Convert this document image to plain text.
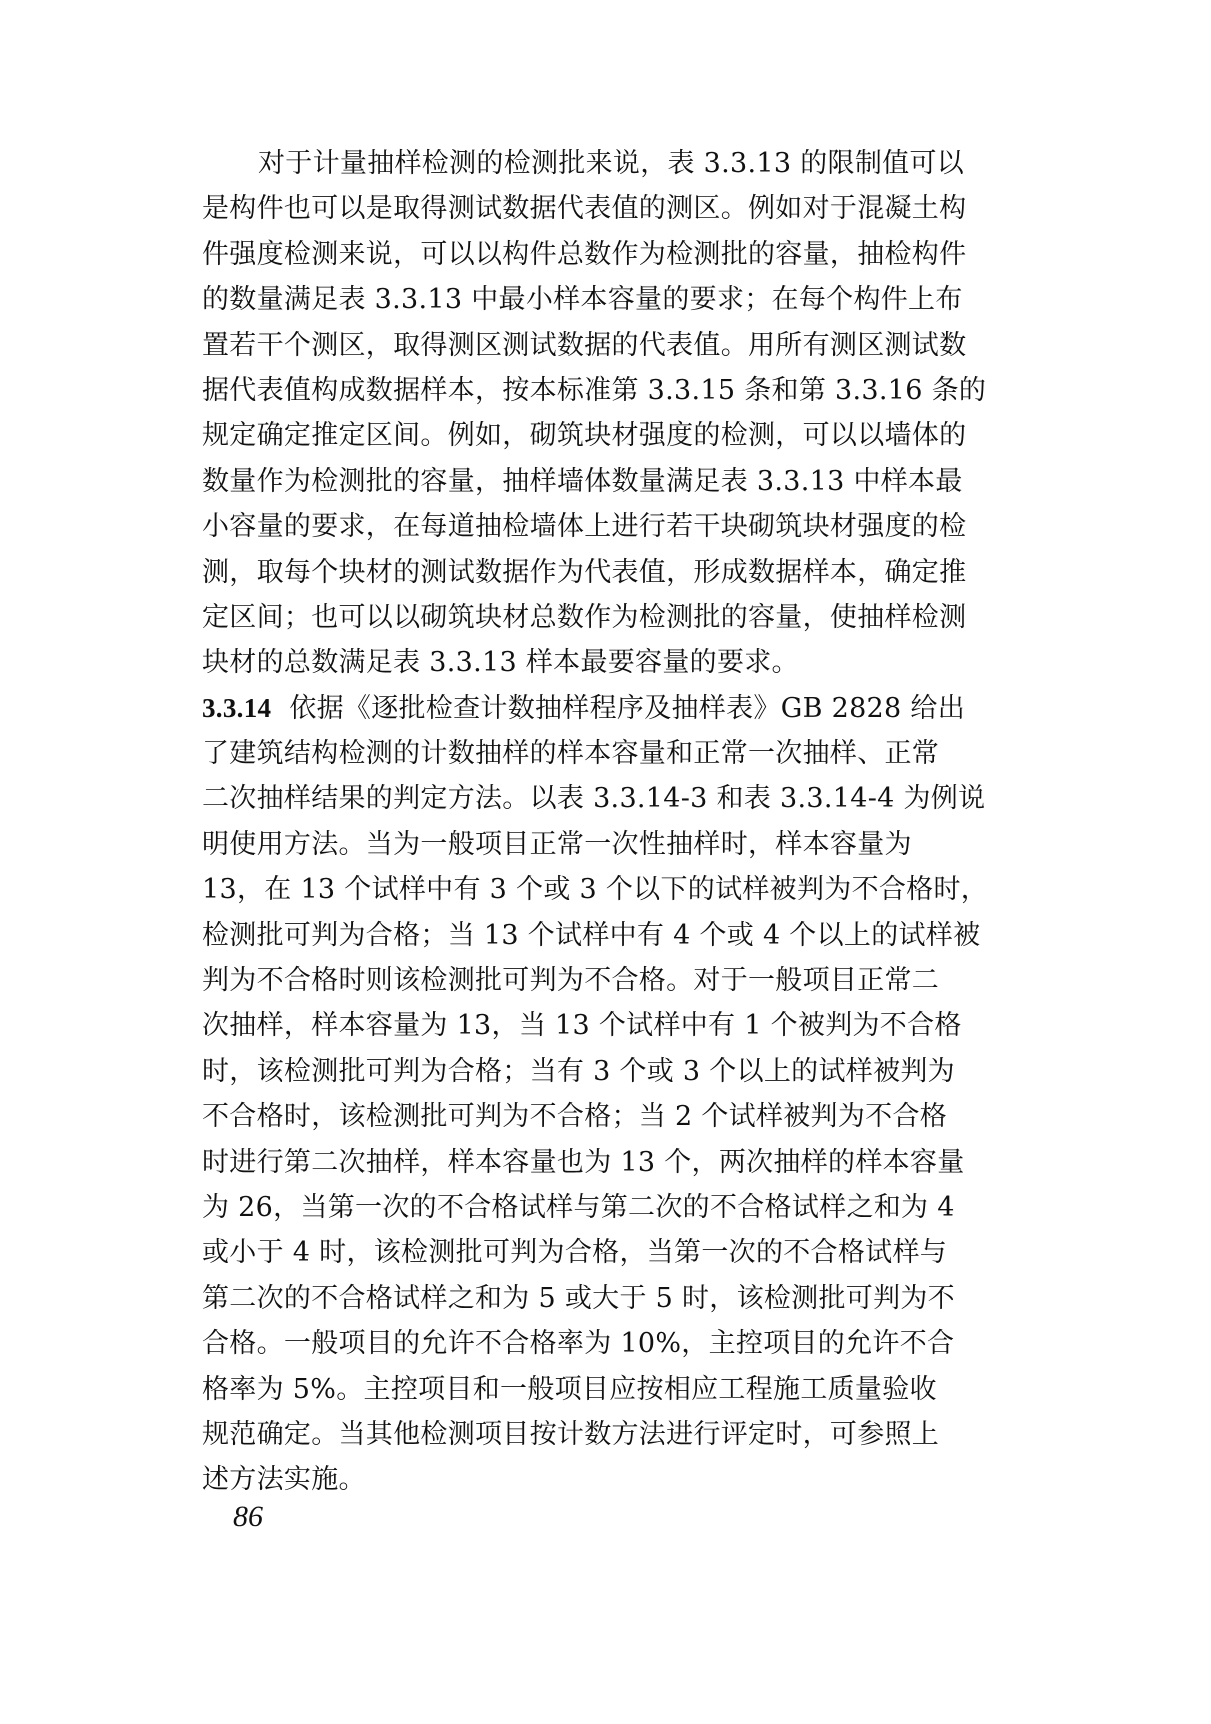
对于计量抽样检测的检测批来说，表 3.3.13 的限制值可以
是构件也可以是取得测试数据代表值的测区。例如对于混凝土构
件强度检测来说，可以以构件总数作为检测批的容量，抽检构件
的数量满足表 3.3.13 中最小样本容量的要求；在每个构件上布
置若干个测区，取得测区测试数据的代表值。用所有测区测试数
据代表值构成数据样本，按本标准第 3.3.15 条和第 3.3.16 条的
规定确定推定区间。例如，砌筑块材强度的检测，可以以墙体的
数量作为检测批的容量，抽样墙体数量满足表 3.3.13 中样本最
小容量的要求，在每道抽检墙体上进行若干块砌筑块材强度的检
测，取每个块材的测试数据作为代表值，形成数据样本，确定推
定区间；也可以以砌筑块材总数作为检测批的容量，使抽样检测
块材的总数满足表 3.3.13 样本最要容量的要求。
3.3.14 依据《逐批检查计数抽样程序及抽样表》GB 2828 给出
了建筑结构检测的计数抽样的样本容量和正常一次抽样、正常
二次抽样结果的判定方法。以表 3.3.14-3 和表 3.3.14-4 为例说
明使用方法。当为一般项目正常一次性抽样时，样本容量为
13，在 13 个试样中有 3 个或 3 个以下的试样被判为不合格时，
检测批可判为合格；当 13 个试样中有 4 个或 4 个以上的试样被
判为不合格时则该检测批可判为不合格。对于一般项目正常二
次抽样，样本容量为 13，当 13 个试样中有 1 个被判为不合格
时，该检测批可判为合格；当有 3 个或 3 个以上的试样被判为
不合格时，该检测批可判为不合格；当 2 个试样被判为不合格
时进行第二次抽样，样本容量也为 13 个，两次抽样的样本容量
为 26，当第一次的不合格试样与第二次的不合格试样之和为 4
或小于 4 时，该检测批可判为合格，当第一次的不合格试样与
第二次的不合格试样之和为 5 或大于 5 时，该检测批可判为不
合格。一般项目的允许不合格率为 10%，主控项目的允许不合
格率为 5%。主控项目和一般项目应按相应工程施工质量验收
规范确定。当其他检测项目按计数方法进行评定时，可参照上
述方法实施。
86
